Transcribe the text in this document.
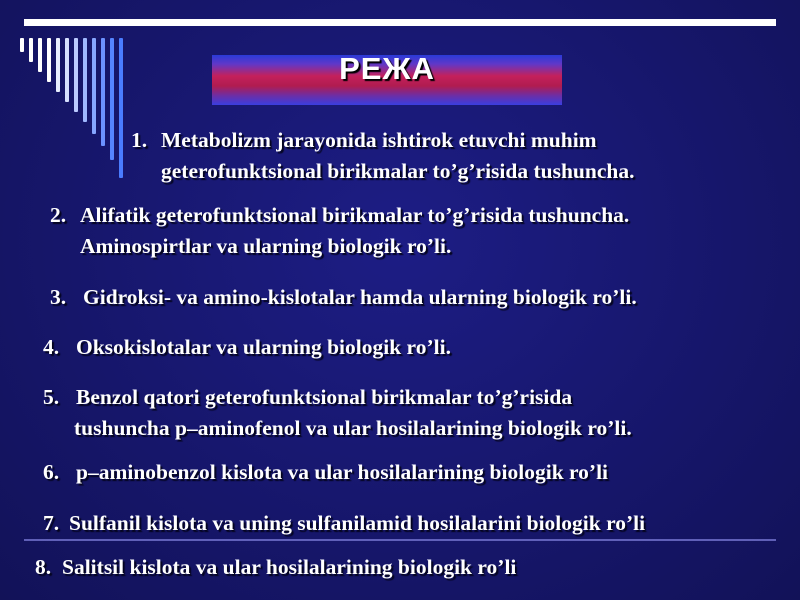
РЕЖА
1. Metabolizm jarayonida ishtirok etuvchi muhim
geterofunktsional birikmalar to’g’risida tushuncha.
2. Alifatik geterofunktsional birikmalar to’g’risida tushuncha.
Aminospirtlar va ularning biologik ro’li.
3. Gidroksi- va amino-kislotalar hamda ularning biologik ro’li.
4. Oksokislotalar va ularning biologik ro’li.
5. Benzol qatori geterofunktsional birikmalar to’g’risida
tushuncha p–aminofenol va ular hosilalarining biologik ro’li.
6. p–aminobenzol kislota va ular hosilalarining biologik ro’li
7. Sulfanil kislota va uning sulfanilamid hosilalarini biologik ro’li
8. Salitsil kislota va ular hosilalarining biologik ro’li
